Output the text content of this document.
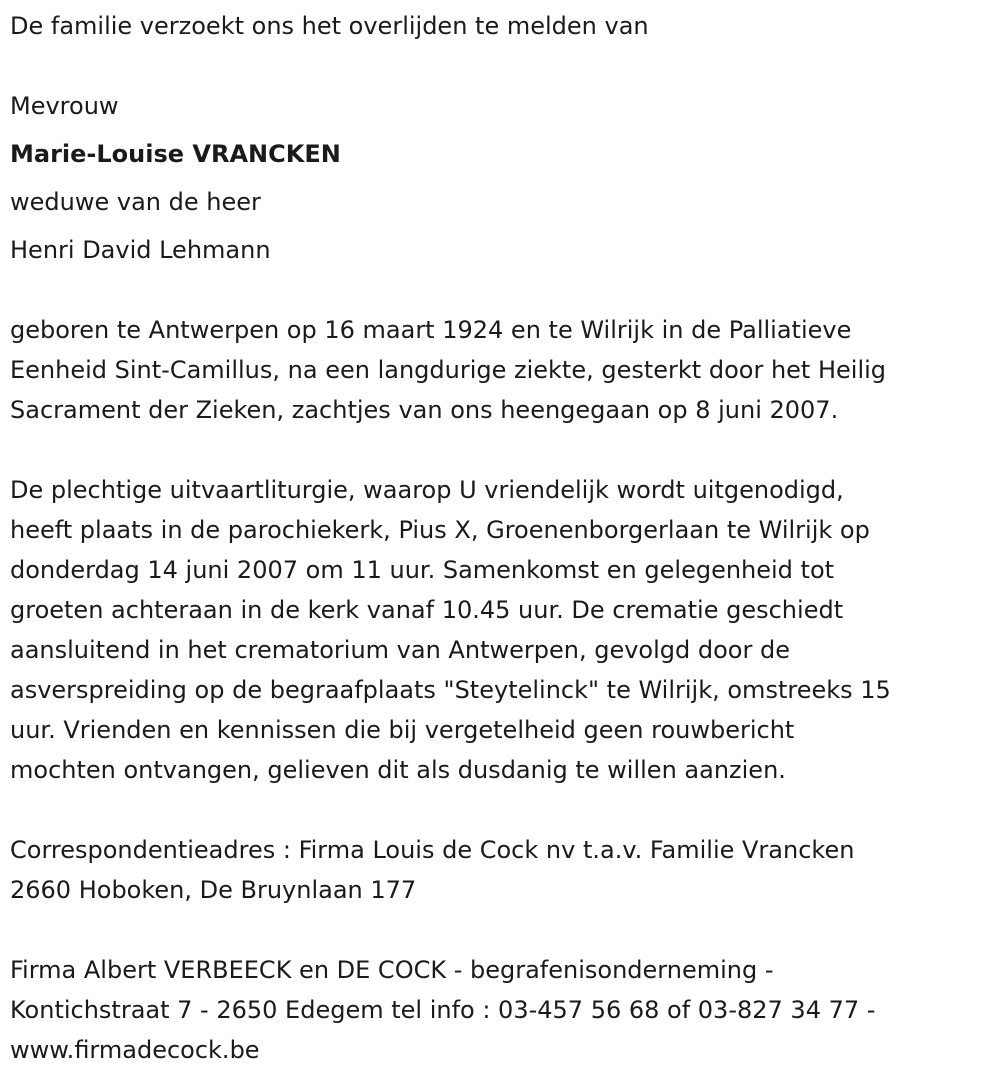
De familie verzoekt ons het overlijden te melden van
Mevrouw
Marie-Louise VRANCKEN
weduwe van de heer
Henri David Lehmann
geboren te Antwerpen op 16 maart 1924 en te Wilrijk in de Palliatieve
Eenheid Sint-Camillus, na een langdurige ziekte, gesterkt door het Heilig
Sacrament der Zieken, zachtjes van ons heengegaan op 8 juni 2007.
De plechtige uitvaartliturgie, waarop U vriendelijk wordt uitgenodigd,
heeft plaats in de parochiekerk, Pius X, Groenenborgerlaan te Wilrijk op
donderdag 14 juni 2007 om 11 uur. Samenkomst en gelegenheid tot
groeten achteraan in de kerk vanaf 10.45 uur. De crematie geschiedt
aansluitend in het crematorium van Antwerpen, gevolgd door de
asverspreiding op de begraafplaats "Steytelinck" te Wilrijk, omstreeks 15
uur. Vrienden en kennissen die bij vergetelheid geen rouwbericht
mochten ontvangen, gelieven dit als dusdanig te willen aanzien.
Correspondentieadres : Firma Louis de Cock nv t.a.v. Familie Vrancken
2660 Hoboken, De Bruynlaan 177
Firma Albert VERBEECK en DE COCK - begrafenisonderneming -
Kontichstraat 7 - 2650 Edegem tel info : 03-457 56 68 of 03-827 34 77 -
www.firmadecock.be
